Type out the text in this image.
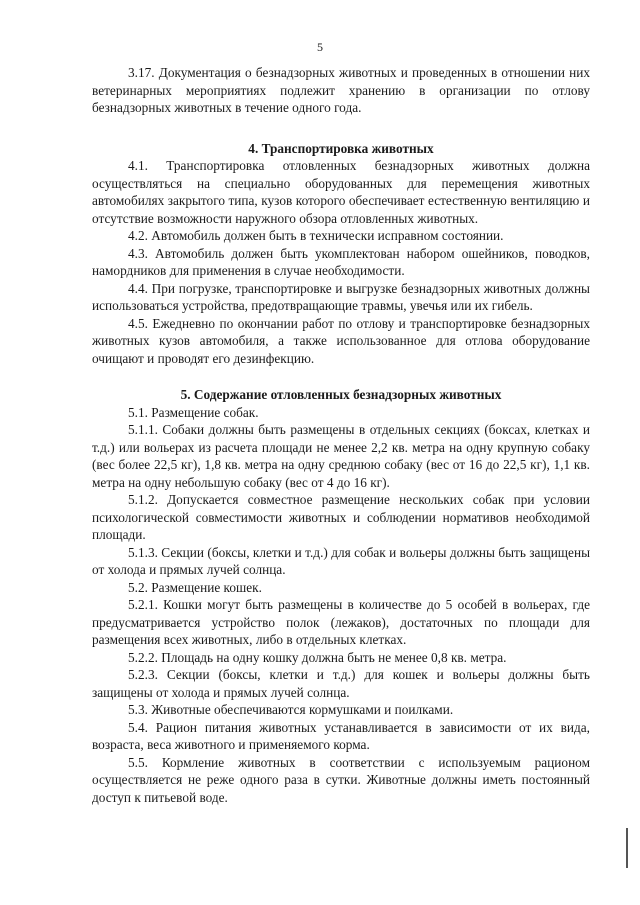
5

3.17. Документация о безнадзорных животных и проведенных в отношении них ветеринарных мероприятиях подлежит хранению в организации по отлову безнадзорных животных в течение одного года.

4. Транспортировка животных

4.1. Транспортировка отловленных безнадзорных животных должна осуществляться на специально оборудованных для перемещения животных автомобилях закрытого типа, кузов которого обеспечивает естественную вентиляцию и отсутствие возможности наружного обзора отловленных животных.

4.2. Автомобиль должен быть в технически исправном состоянии.

4.3. Автомобиль должен быть укомплектован набором ошейников, поводков, намордников для применения в случае необходимости.

4.4. При погрузке, транспортировке и выгрузке безнадзорных животных должны использоваться устройства, предотвращающие травмы, увечья или их гибель.

4.5. Ежедневно по окончании работ по отлову и транспортировке безнадзорных животных кузов автомобиля, а также использованное для отлова оборудование очищают и проводят его дезинфекцию.

5. Содержание отловленных безнадзорных животных

5.1. Размещение собак.

5.1.1. Собаки должны быть размещены в отдельных секциях (боксах, клетках и т.д.) или вольерах из расчета площади не менее 2,2 кв. метра на одну крупную собаку (вес более 22,5 кг), 1,8 кв. метра на одну среднюю собаку (вес от 16 до 22,5 кг), 1,1 кв. метра на одну небольшую собаку (вес от 4 до 16 кг).

5.1.2. Допускается совместное размещение нескольких собак при условии психологической совместимости животных и соблюдении нормативов необходимой площади.

5.1.3. Секции (боксы, клетки и т.д.) для собак и вольеры должны быть защищены от холода и прямых лучей солнца.

5.2. Размещение кошек.

5.2.1. Кошки могут быть размещены в количестве до 5 особей в вольерах, где предусматривается устройство полок (лежаков), достаточных по площади для размещения всех животных, либо в отдельных клетках.

5.2.2. Площадь на одну кошку должна быть не менее 0,8 кв. метра.

5.2.3. Секции (боксы, клетки и т.д.) для кошек и вольеры должны быть защищены от холода и прямых лучей солнца.

5.3. Животные обеспечиваются кормушками и поилками.

5.4. Рацион питания животных устанавливается в зависимости от их вида, возраста, веса животного и применяемого корма.

5.5. Кормление животных в соответствии с используемым рационом осуществляется не реже одного раза в сутки. Животные должны иметь постоянный доступ к питьевой воде.
